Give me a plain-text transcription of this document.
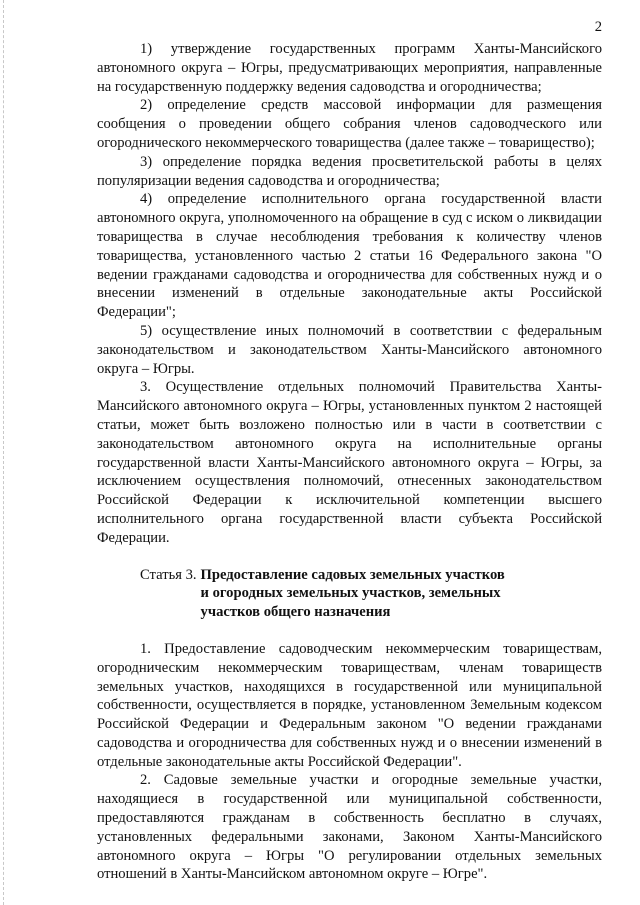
2

1) утверждение государственных программ Ханты-Мансийского автономного округа – Югры, предусматривающих мероприятия, направленные на государственную поддержку ведения садоводства и огородничества;

2) определение средств массовой информации для размещения сообщения о проведении общего собрания членов садоводческого или огороднического некоммерческого товарищества (далее также – товарищество);

3) определение порядка ведения просветительской работы в целях популяризации ведения садоводства и огородничества;

4) определение исполнительного органа государственной власти автономного округа, уполномоченного на обращение в суд с иском о ликвидации товарищества в случае несоблюдения требования к количеству членов товарищества, установленного частью 2 статьи 16 Федерального закона "О ведении гражданами садоводства и огородничества для собственных нужд и о внесении изменений в отдельные законодательные акты Российской Федерации";

5) осуществление иных полномочий в соответствии с федеральным законодательством и законодательством Ханты-Мансийского автономного округа – Югры.

3. Осуществление отдельных полномочий Правительства Ханты-Мансийского автономного округа – Югры, установленных пунктом 2 настоящей статьи, может быть возложено полностью или в части в соответствии с законодательством автономного округа на исполнительные органы государственной власти Ханты-Мансийского автономного округа – Югры, за исключением осуществления полномочий, отнесенных законодательством Российской Федерации к исключительной компетенции высшего исполнительного органа государственной власти субъекта Российской Федерации.

Статья 3. Предоставление садовых земельных участков
и огородных земельных участков, земельных
участков общего назначения

1. Предоставление садоводческим некоммерческим товариществам, огородническим некоммерческим товариществам, членам товариществ земельных участков, находящихся в государственной или муниципальной собственности, осуществляется в порядке, установленном Земельным кодексом Российской Федерации и Федеральным законом "О ведении гражданами садоводства и огородничества для собственных нужд и о внесении изменений в отдельные законодательные акты Российской Федерации".

2. Садовые земельные участки и огородные земельные участки, находящиеся в государственной или муниципальной собственности, предоставляются гражданам в собственность бесплатно в случаях, установленных федеральными законами, Законом Ханты-Мансийского автономного округа – Югры "О регулировании отдельных земельных отношений в Ханты-Мансийском автономном округе – Югре".
